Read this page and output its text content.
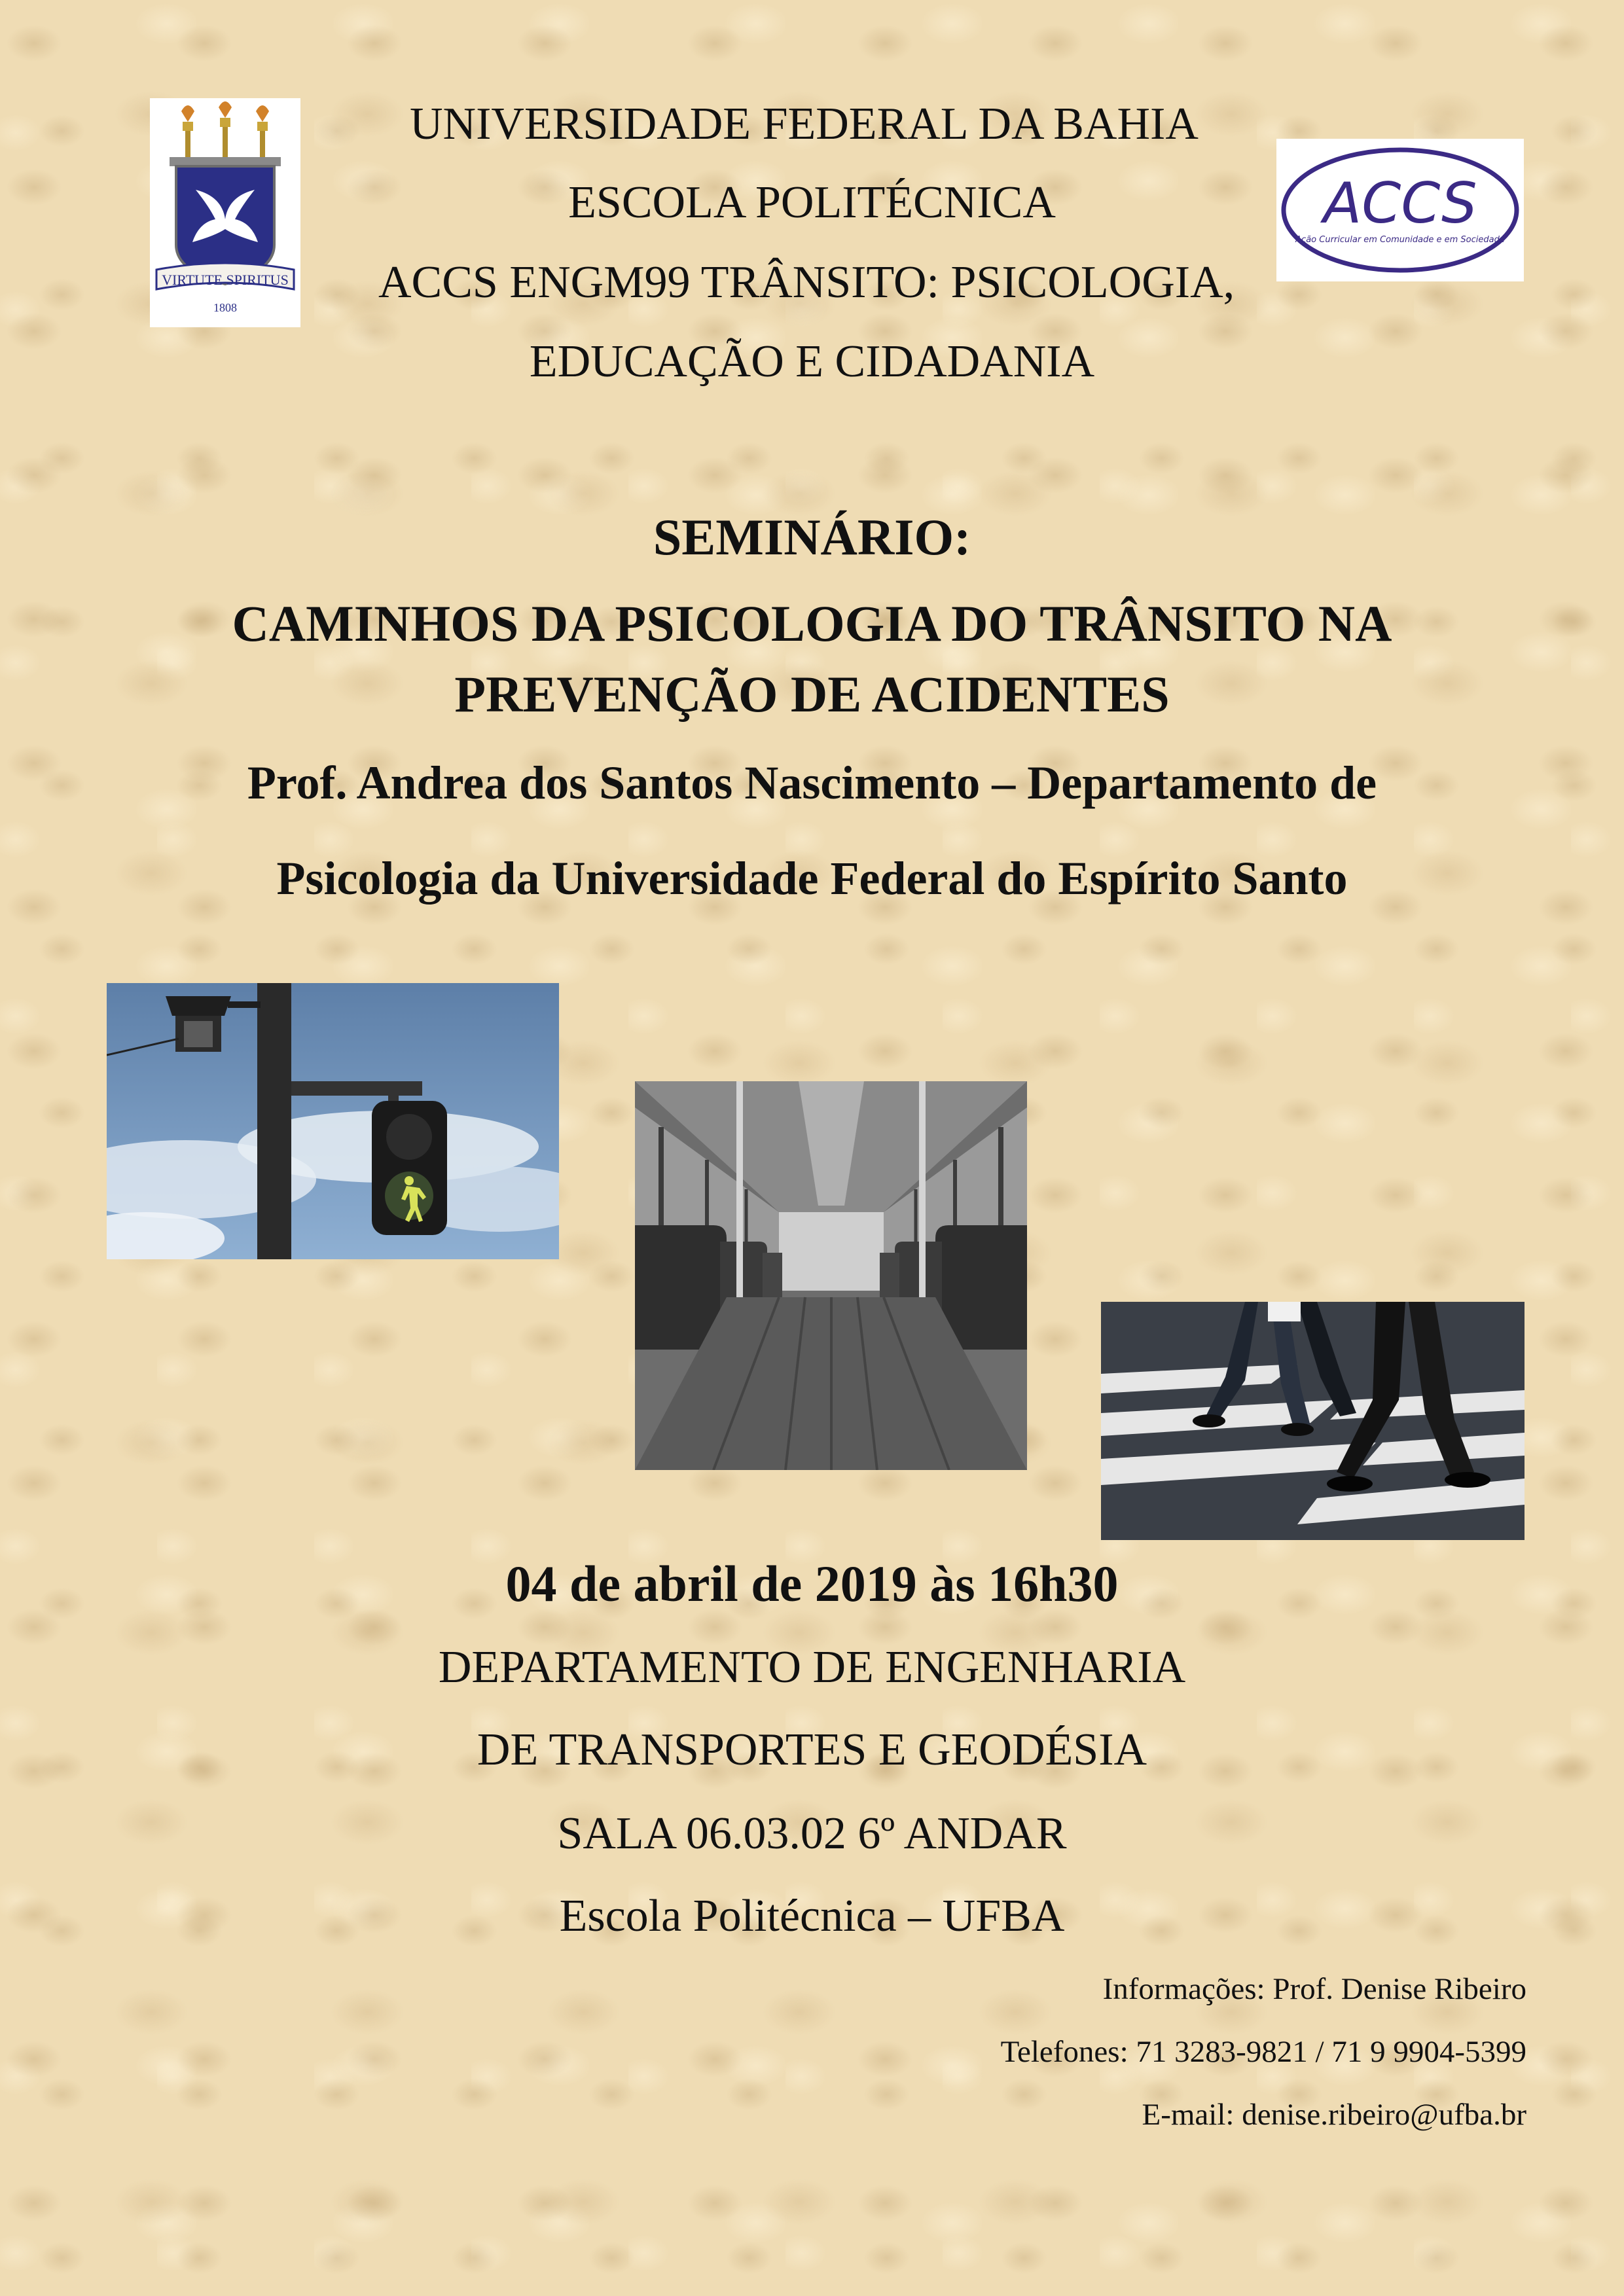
VIRTUTE SPIRITUS
1808
ACCS
Ação Curricular em Comunidade e em Sociedade
UNIVERSIDADE FEDERAL DA BAHIA
ESCOLA POLITÉCNICA
ACCS ENGM99 TRÂNSITO: PSICOLOGIA,
EDUCAÇÃO E CIDADANIA
SEMINÁRIO:
CAMINHOS DA PSICOLOGIA DO TRÂNSITO NA
PREVENÇÃO DE ACIDENTES
Prof. Andrea dos Santos Nascimento – Departamento de
Psicologia da Universidade Federal do Espírito Santo
04 de abril de 2019 às 16h30
DEPARTAMENTO DE ENGENHARIA
DE TRANSPORTES E GEODÉSIA
SALA 06.03.02 6º ANDAR
Escola Politécnica – UFBA
Informações: Prof. Denise Ribeiro
Telefones: 71 3283-9821 / 71 9 9904-5399
E-mail: denise.ribeiro@ufba.br
